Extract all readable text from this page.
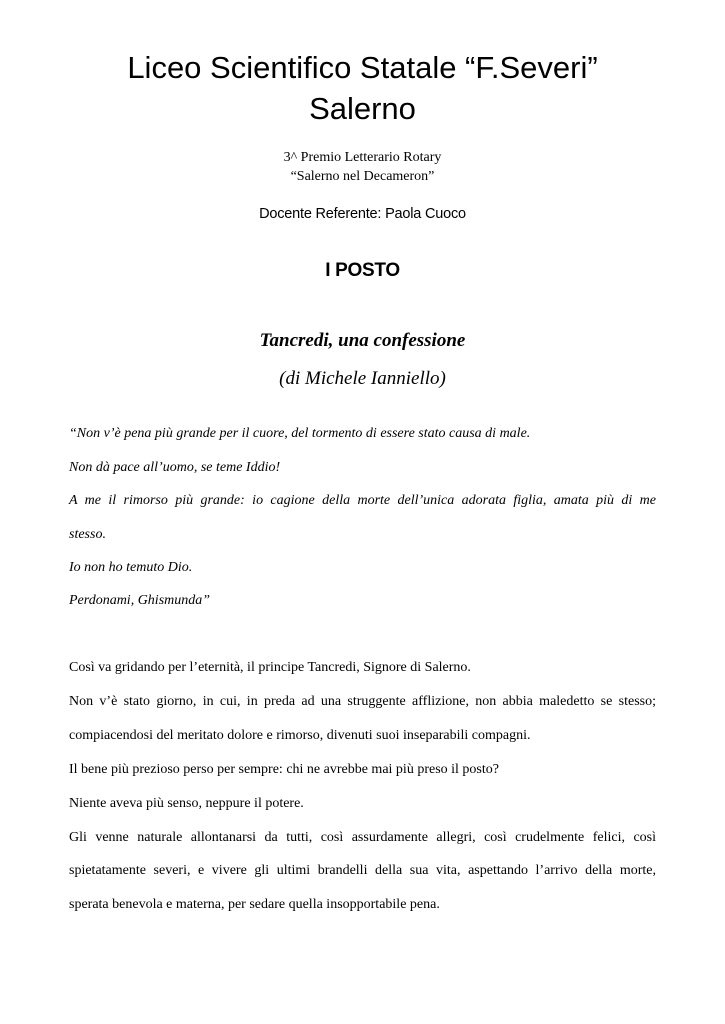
Liceo Scientifico Statale “F.Severi”
Salerno
3^ Premio Letterario Rotary
“Salerno nel Decameron”
Docente Referente: Paola Cuoco
I POSTO
Tancredi, una confessione
(di Michele Ianniello)
“Non v’è pena più grande per il cuore, del tormento di essere stato causa di male.
Non dà pace all’uomo, se teme Iddio!
A me il rimorso più grande: io cagione della morte dell’unica adorata figlia, amata più di me
stesso.
Io non ho temuto Dio.
Perdonami, Ghismunda”
Così va gridando per l’eternità, il principe Tancredi, Signore di Salerno.
Non v’è stato giorno, in cui, in preda ad una struggente afflizione, non abbia maledetto se stesso;
compiacendosi del meritato dolore e rimorso, divenuti suoi inseparabili compagni.
Il bene più prezioso perso per sempre: chi ne avrebbe mai più preso il posto?
Niente aveva più senso, neppure il potere.
Gli venne naturale allontanarsi da tutti, così assurdamente allegri, così crudelmente felici, così
spietatamente severi, e vivere gli ultimi brandelli della sua vita, aspettando l’arrivo della morte,
sperata benevola e materna, per sedare quella insopportabile pena.
